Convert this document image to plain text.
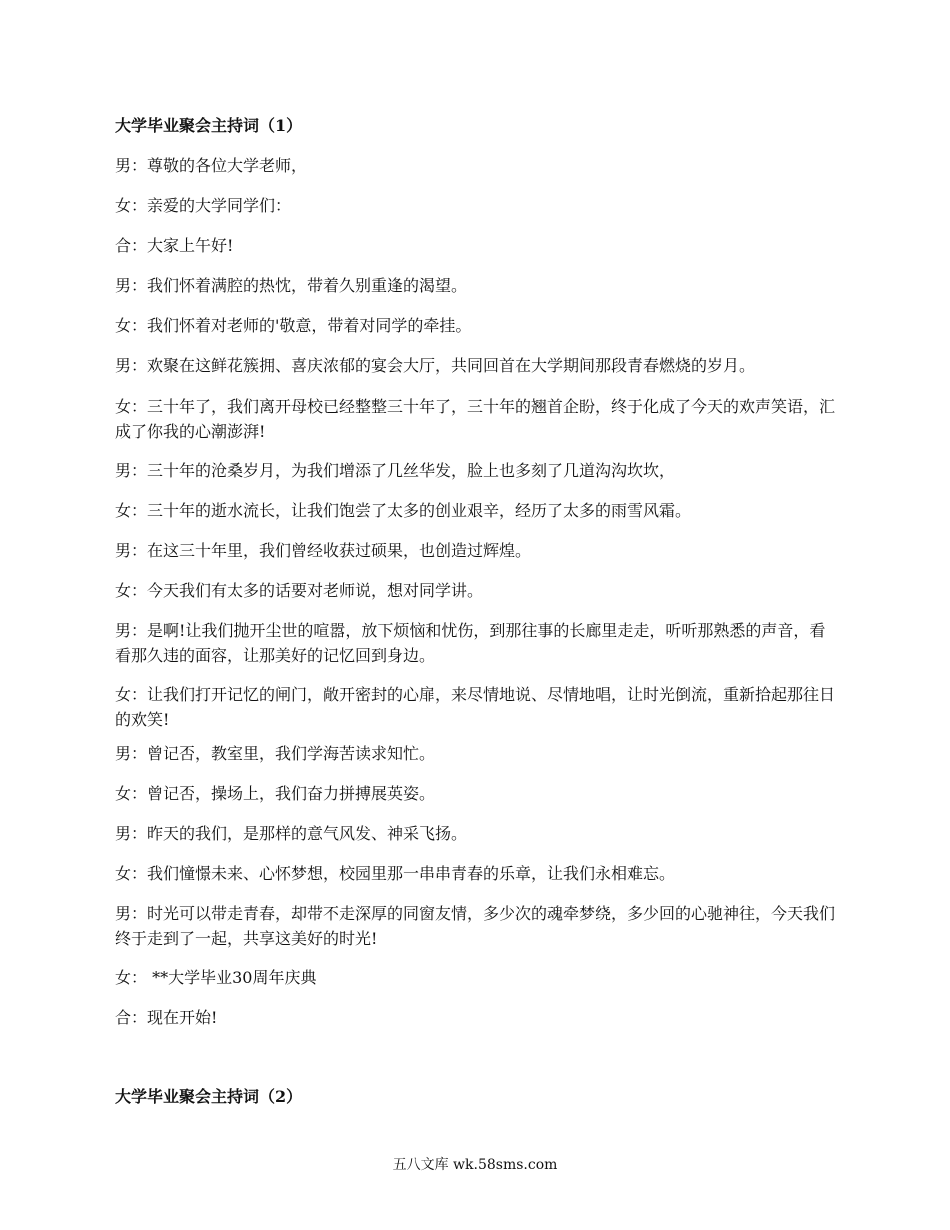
大学毕业聚会主持词（1）
男：尊敬的各位大学老师，
女：亲爱的大学同学们：
合：大家上午好!
男：我们怀着满腔的热忱，带着久别重逢的渴望。
女：我们怀着对老师的'敬意，带着对同学的牵挂。
男：欢聚在这鲜花簇拥、喜庆浓郁的宴会大厅，共同回首在大学期间那段青春燃烧的岁月。
女：三十年了，我们离开母校已经整整三十年了，三十年的翘首企盼，终于化成了今天的欢声笑语，汇成了你我的心潮澎湃!
男：三十年的沧桑岁月，为我们增添了几丝华发，脸上也多刻了几道沟沟坎坎，
女：三十年的逝水流长，让我们饱尝了太多的创业艰辛，经历了太多的雨雪风霜。
男：在这三十年里，我们曾经收获过硕果，也创造过辉煌。
女：今天我们有太多的话要对老师说，想对同学讲。
男：是啊!让我们抛开尘世的喧嚣，放下烦恼和忧伤，到那往事的长廊里走走，听听那熟悉的声音，看看那久违的面容，让那美好的记忆回到身边。
女：让我们打开记忆的闸门，敞开密封的心扉，来尽情地说、尽情地唱，让时光倒流，重新拾起那往日的欢笑!
男：曾记否，教室里，我们学海苦读求知忙。
女：曾记否，操场上，我们奋力拼搏展英姿。
男：昨天的我们，是那样的意气风发、神采飞扬。
女：我们憧憬未来、心怀梦想，校园里那一串串青春的乐章，让我们永相难忘。
男：时光可以带走青春，却带不走深厚的同窗友情，多少次的魂牵梦绕，多少回的心驰神往，今天我们终于走到了一起，共享这美好的时光!
女： **大学毕业30周年庆典
合：现在开始!
大学毕业聚会主持词（2）
五八文库 wk.58sms.com
